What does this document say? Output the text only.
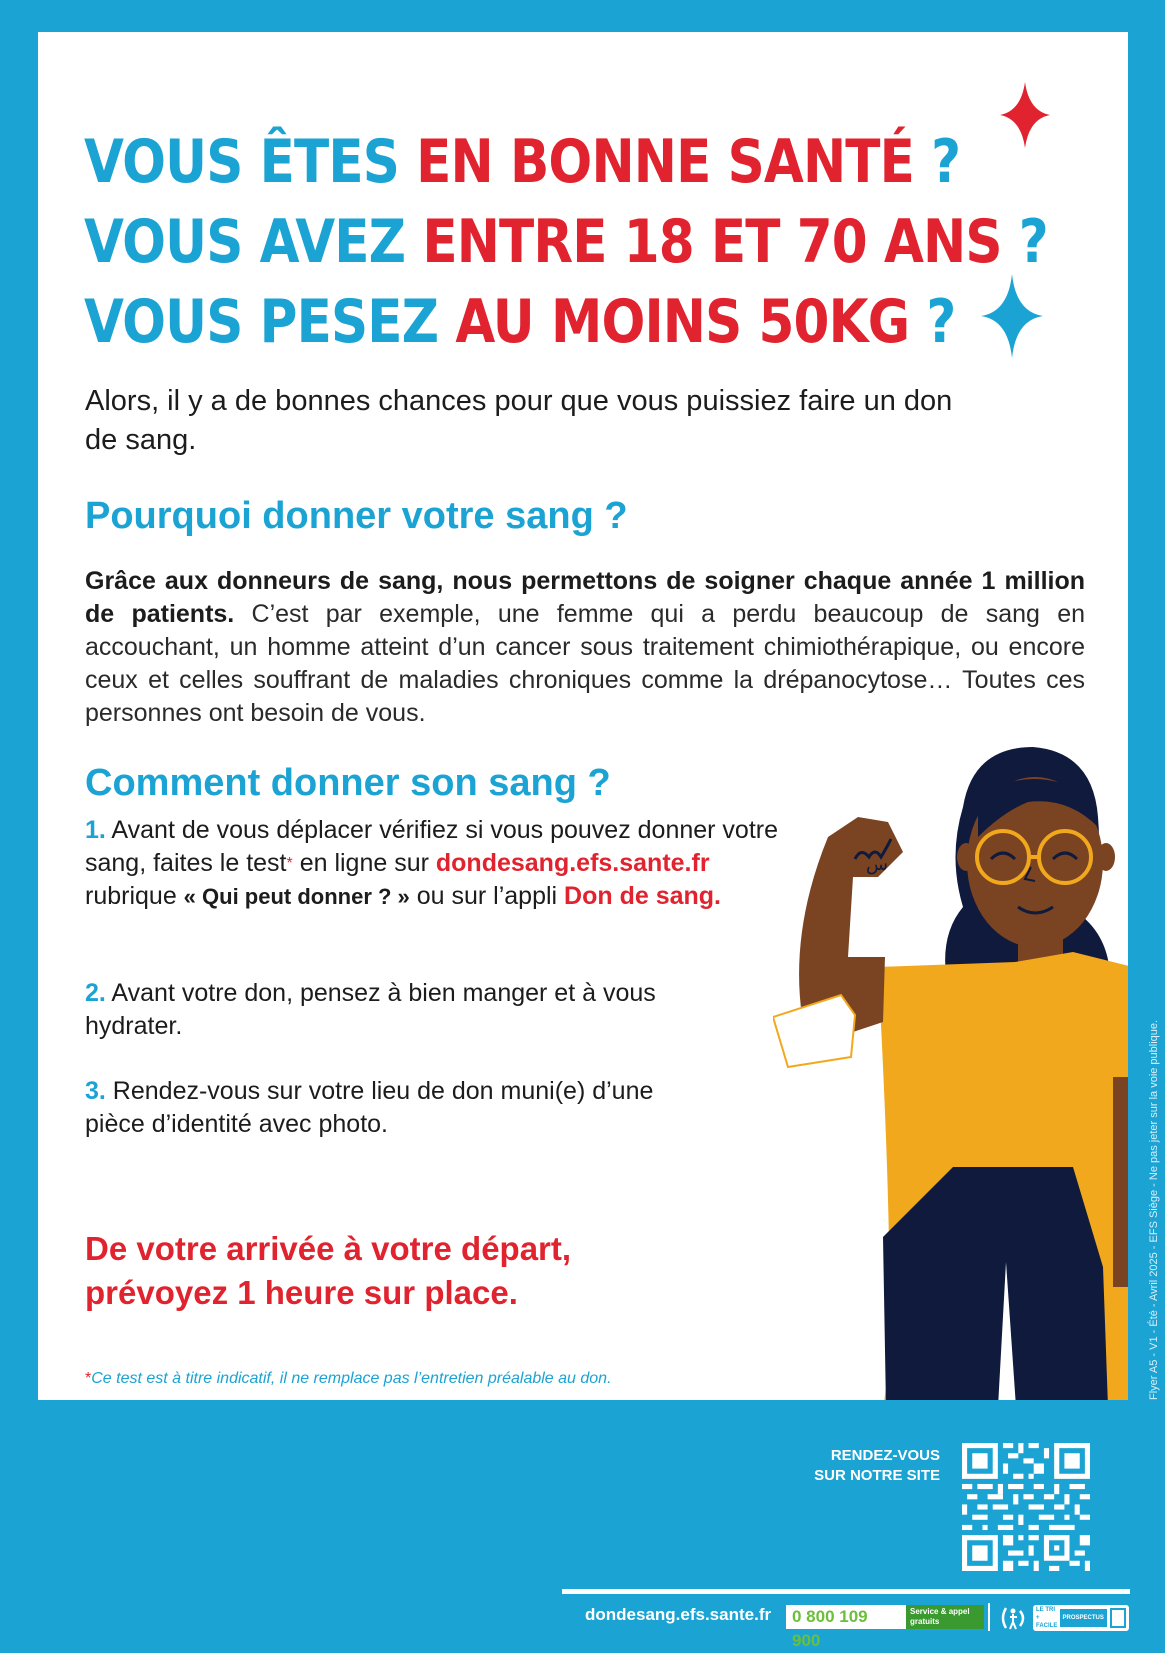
VOUS ÊTES EN BONNE SANTÉ ?
VOUS AVEZ ENTRE 18 ET 70 ANS ?
VOUS PESEZ AU MOINS 50KG ?

Alors, il y a de bonnes chances pour que vous puissiez faire un don de sang.

Pourquoi donner votre sang ?

Grâce aux donneurs de sang, nous permettons de soigner chaque année 1 million de patients. C’est par exemple, une femme qui a perdu beaucoup de sang en accouchant, un homme atteint d’un cancer sous traitement chimiothérapique, ou encore ceux et celles souffrant de maladies chroniques comme la drépanocytose… Toutes ces personnes ont besoin de vous.

Comment donner son sang ?

1. Avant de vous déplacer vérifiez si vous pouvez donner votre sang, faites le test* en ligne sur dondesang.efs.sante.fr rubrique « Qui peut donner ? » ou sur l’appli Don de sang.

2. Avant votre don, pensez à bien manger et à vous hydrater.

3. Rendez-vous sur votre lieu de don muni(e) d’une pièce d’identité avec photo.

De votre arrivée à votre départ,
prévoyez 1 heure sur place.

*Ce test est à titre indicatif, il ne remplace pas l’entretien préalable au don.

س
Flyer A5 - V1 - Été - Avril 2025 - EFS Siège - Ne pas jeter sur la voie publique.
RENDEZ-VOUS
SUR NOTRE SITE
dondesang.efs.sante.fr	0 800 109 900
Service & appel gratuits
LE TRI + FACILE
PROSPECTUS
